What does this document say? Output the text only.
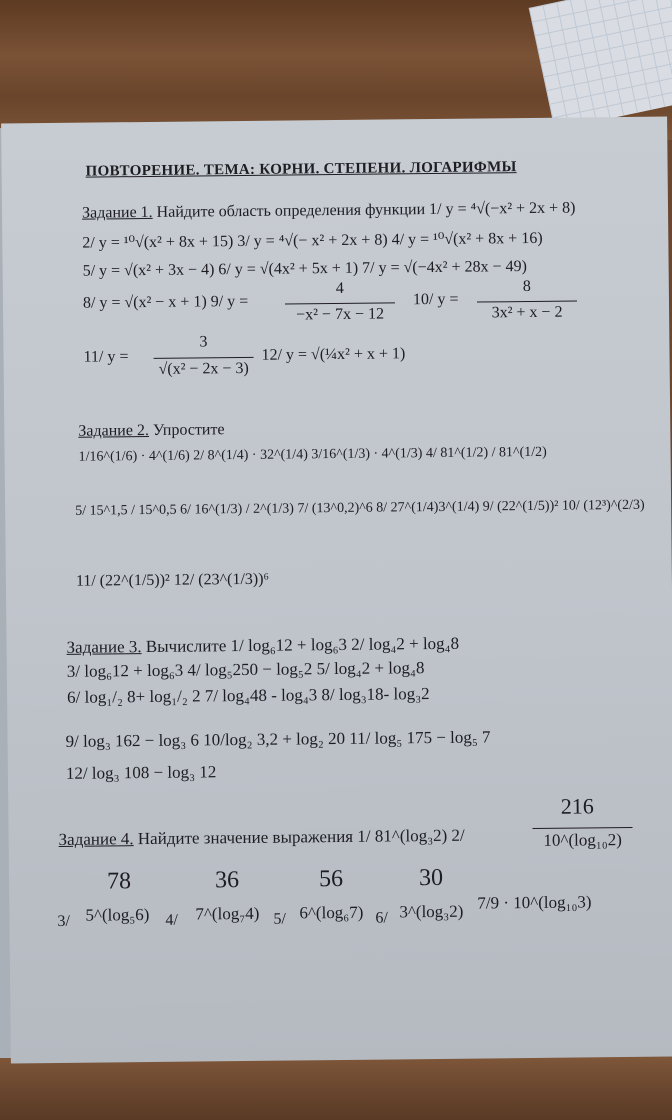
ПОВТОРЕНИЕ. ТЕМА: КОРНИ. СТЕПЕНИ. ЛОГАРИФМЫ
Задание 1. Найдите область определения функции 1/ y = ⁴√(−x² + 2x + 8)
2/ y = ¹⁰√(x² + 8x + 15) 3/ y = ⁴√(− x² + 2x + 8) 4/ y = ¹⁰√(x² + 8x + 16)
5/ y = √(x² + 3x − 4) 6/ y = √(4x² + 5x + 1) 7/ y = √(−4x² + 28x − 49)
8/ y = √(x² − x + 1) 9/ y =
4
−x² − 7x − 12
10/ y =
8
3x² + x − 2
11/ y =
3
√(x² − 2x − 3)
12/ y = √(¼x² + x + 1)
Задание 2. Упростите
1/16^(1/6) · 4^(1/6) 2/ 8^(1/4) · 32^(1/4) 3/16^(1/3) · 4^(1/3) 4/ 81^(1/2) / 81^(1/2)
5/ 15^1,5 / 15^0,5 6/ 16^(1/3) / 2^(1/3) 7/ (13^0,2)^6 8/ 27^(1/4)3^(1/4) 9/ (22^(1/5))² 10/ (12³)^(2/3)
11/ (22^(1/5))² 12/ (23^(1/3))⁶
Задание 3. Вычислите 1/ log₆12 + log₆3 2/ log₄2 + log₄8
3/ log₆12 + log₆3 4/ log₅250 − log₅2 5/ log₄2 + log₄8
6/ log₁/₂ 8+ log₁/₂ 2 7/ log₄48 - log₄3 8/ log₃18- log₃2
9/ log₃ 162 − log₃ 6 10/log₂ 3,2 + log₂ 20 11/ log₅ 175 − log₅ 7
12/ log₃ 108 − log₃ 12
Задание 4. Найдите значение выражения 1/ 81^(log₃2) 2/
216
10^(log₁₀2)
3/
78
5^(log₅6) 4/
36
7^(log₇4) 5/
56
6^(log₆7) 6/
30
3^(log₃2) 7/9 · 10^(log₁₀3)
